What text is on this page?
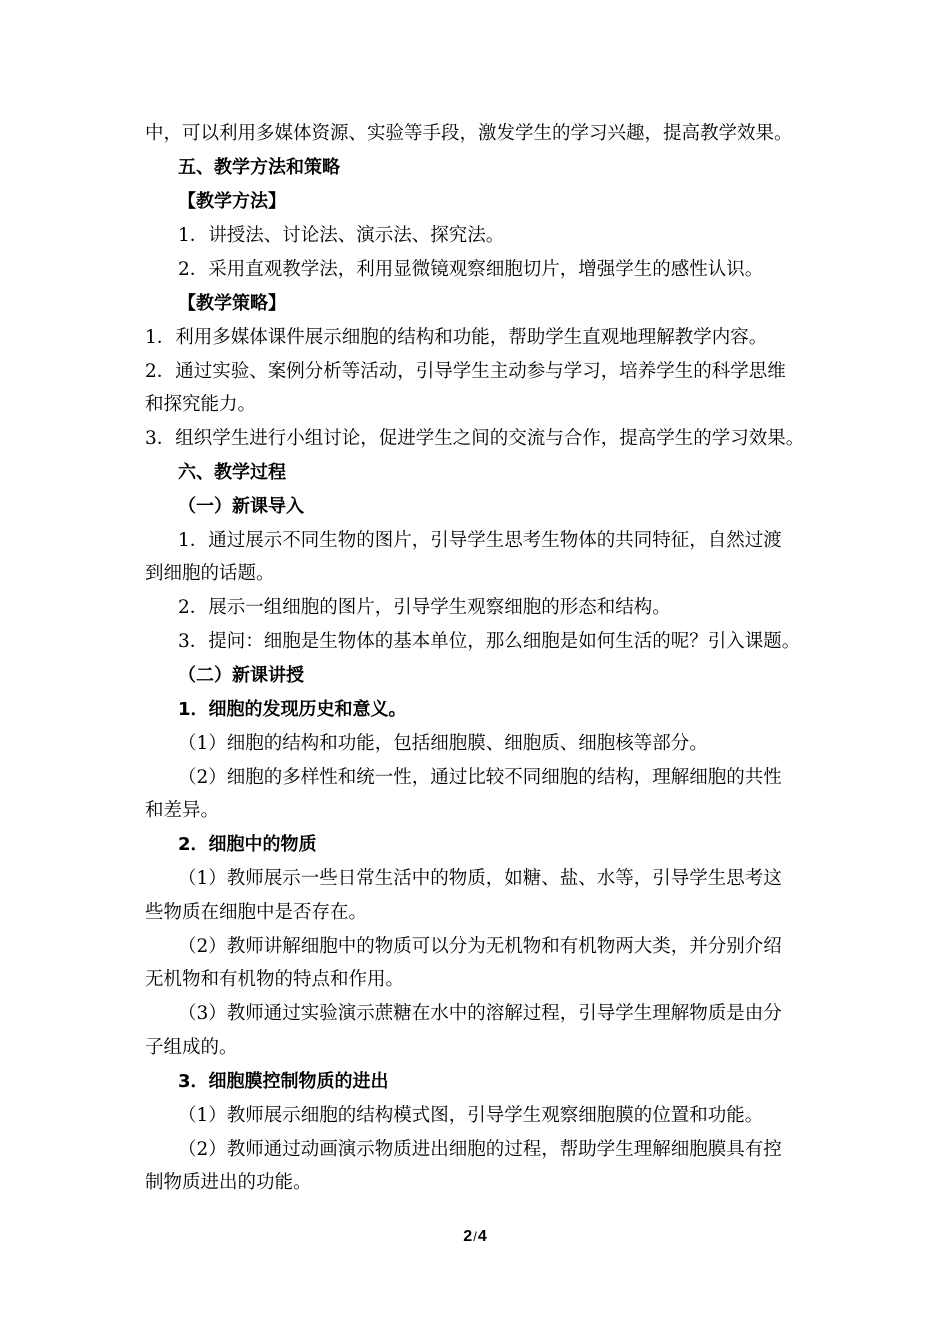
中，可以利用多媒体资源、实验等手段，激发学生的学习兴趣，提高教学效果。
五、教学方法和策略
【教学方法】
1．讲授法、讨论法、演示法、探究法。
2．采用直观教学法，利用显微镜观察细胞切片，增强学生的感性认识。
【教学策略】
1．利用多媒体课件展示细胞的结构和功能，帮助学生直观地理解教学内容。
2．通过实验、案例分析等活动，引导学生主动参与学习，培养学生的科学思维
和探究能力。
3．组织学生进行小组讨论，促进学生之间的交流与合作，提高学生的学习效果。
六、教学过程
（一）新课导入
1．通过展示不同生物的图片，引导学生思考生物体的共同特征，自然过渡
到细胞的话题。
2．展示一组细胞的图片，引导学生观察细胞的形态和结构。
3．提问：细胞是生物体的基本单位，那么细胞是如何生活的呢？引入课题。
（二）新课讲授
1．细胞的发现历史和意义。
（1）细胞的结构和功能，包括细胞膜、细胞质、细胞核等部分。
（2）细胞的多样性和统一性，通过比较不同细胞的结构，理解细胞的共性
和差异。
2．细胞中的物质
（1）教师展示一些日常生活中的物质，如糖、盐、水等，引导学生思考这
些物质在细胞中是否存在。
（2）教师讲解细胞中的物质可以分为无机物和有机物两大类，并分别介绍
无机物和有机物的特点和作用。
（3）教师通过实验演示蔗糖在水中的溶解过程，引导学生理解物质是由分
子组成的。
3．细胞膜控制物质的进出
（1）教师展示细胞的结构模式图，引导学生观察细胞膜的位置和功能。
（2）教师通过动画演示物质进出细胞的过程，帮助学生理解细胞膜具有控
制物质进出的功能。
2/4
